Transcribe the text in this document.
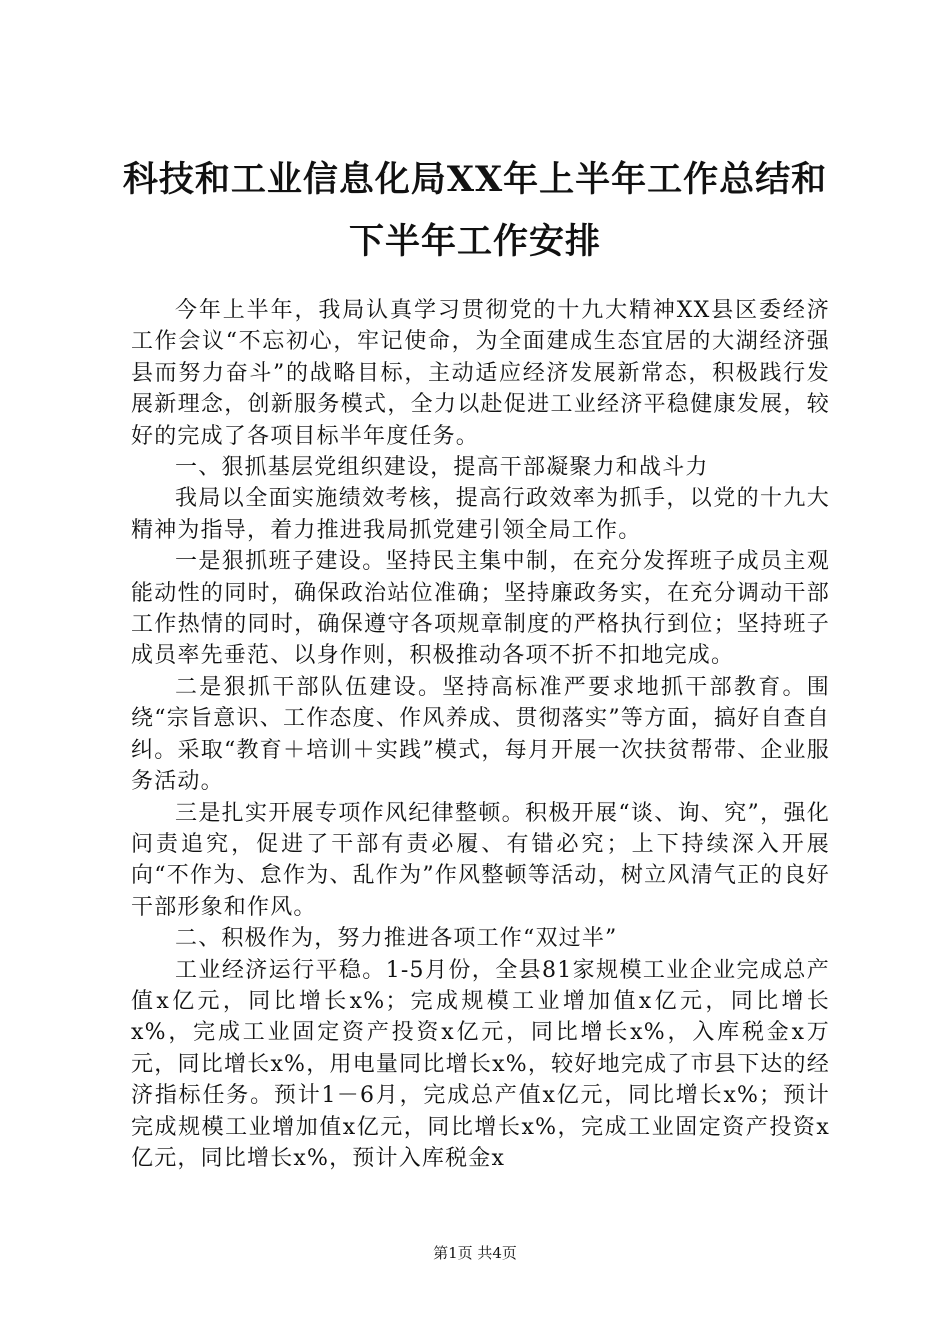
科技和工业信息化局XX年上半年工作总结和
下半年工作安排

今年上半年，我局认真学习贯彻党的十九大精神XX县区委经济工作会议“不忘初心，牢记使命，为全面建成生态宜居的大湖经济强县而努力奋斗”的战略目标，主动适应经济发展新常态，积极践行发展新理念，创新服务模式，全力以赴促进工业经济平稳健康发展，较好的完成了各项目标半年度任务。

一、狠抓基层党组织建设，提高干部凝聚力和战斗力

我局以全面实施绩效考核，提高行政效率为抓手，以党的十九大精神为指导，着力推进我局抓党建引领全局工作。

一是狠抓班子建设。坚持民主集中制，在充分发挥班子成员主观能动性的同时，确保政治站位准确；坚持廉政务实，在充分调动干部工作热情的同时，确保遵守各项规章制度的严格执行到位；坚持班子成员率先垂范、以身作则，积极推动各项不折不扣地完成。

二是狠抓干部队伍建设。坚持高标准严要求地抓干部教育。围绕“宗旨意识、工作态度、作风养成、贯彻落实”等方面，搞好自查自纠。采取“教育＋培训＋实践”模式，每月开展一次扶贫帮带、企业服务活动。

三是扎实开展专项作风纪律整顿。积极开展“谈、询、究”，强化问责追究，促进了干部有责必履、有错必究；上下持续深入开展向“不作为、怠作为、乱作为”作风整顿等活动，树立风清气正的良好干部形象和作风。

二、积极作为，努力推进各项工作“双过半”

工业经济运行平稳。1-5月份，全县81家规模工业企业完成总产值x亿元，同比增长x%；完成规模工业增加值x亿元，同比增长x%，完成工业固定资产投资x亿元，同比增长x%，入库税金x万元，同比增长x%，用电量同比增长x%，较好地完成了市县下达的经济指标任务。预计1－6月，完成总产值x亿元，同比增长x%；预计完成规模工业增加值x亿元，同比增长x%，完成工业固定资产投资x亿元，同比增长x%，预计入库税金x

第1页 共4页
